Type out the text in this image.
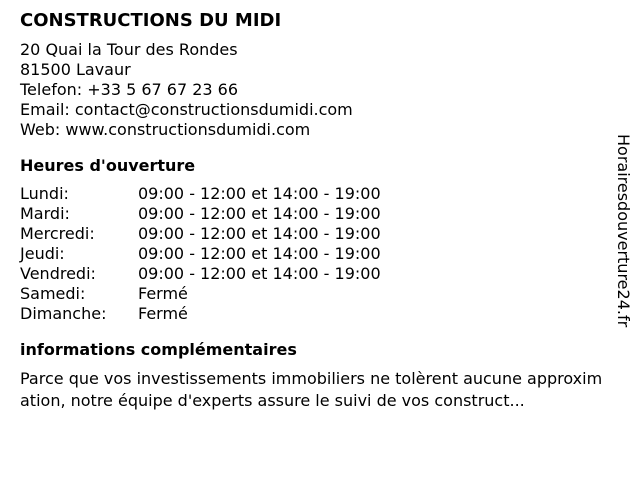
CONSTRUCTIONS DU MIDI
20 Quai la Tour des Rondes
81500 Lavaur
Telefon: +33 5 67 67 23 66
Email: contact@constructionsdumidi.com
Web: www.constructionsdumidi.com
Heures d'ouverture
Lundi:	09:00 - 12:00 et 14:00 - 19:00
Mardi:	09:00 - 12:00 et 14:00 - 19:00
Mercredi:	09:00 - 12:00 et 14:00 - 19:00
Jeudi:	09:00 - 12:00 et 14:00 - 19:00
Vendredi:	09:00 - 12:00 et 14:00 - 19:00
Samedi:	Fermé
Dimanche:	Fermé
informations complémentaires
Parce que vos investissements immobiliers ne tolèrent aucune approximation, notre équipe d'experts assure le suivi de vos construct...
Horairesdouverture24.fr
